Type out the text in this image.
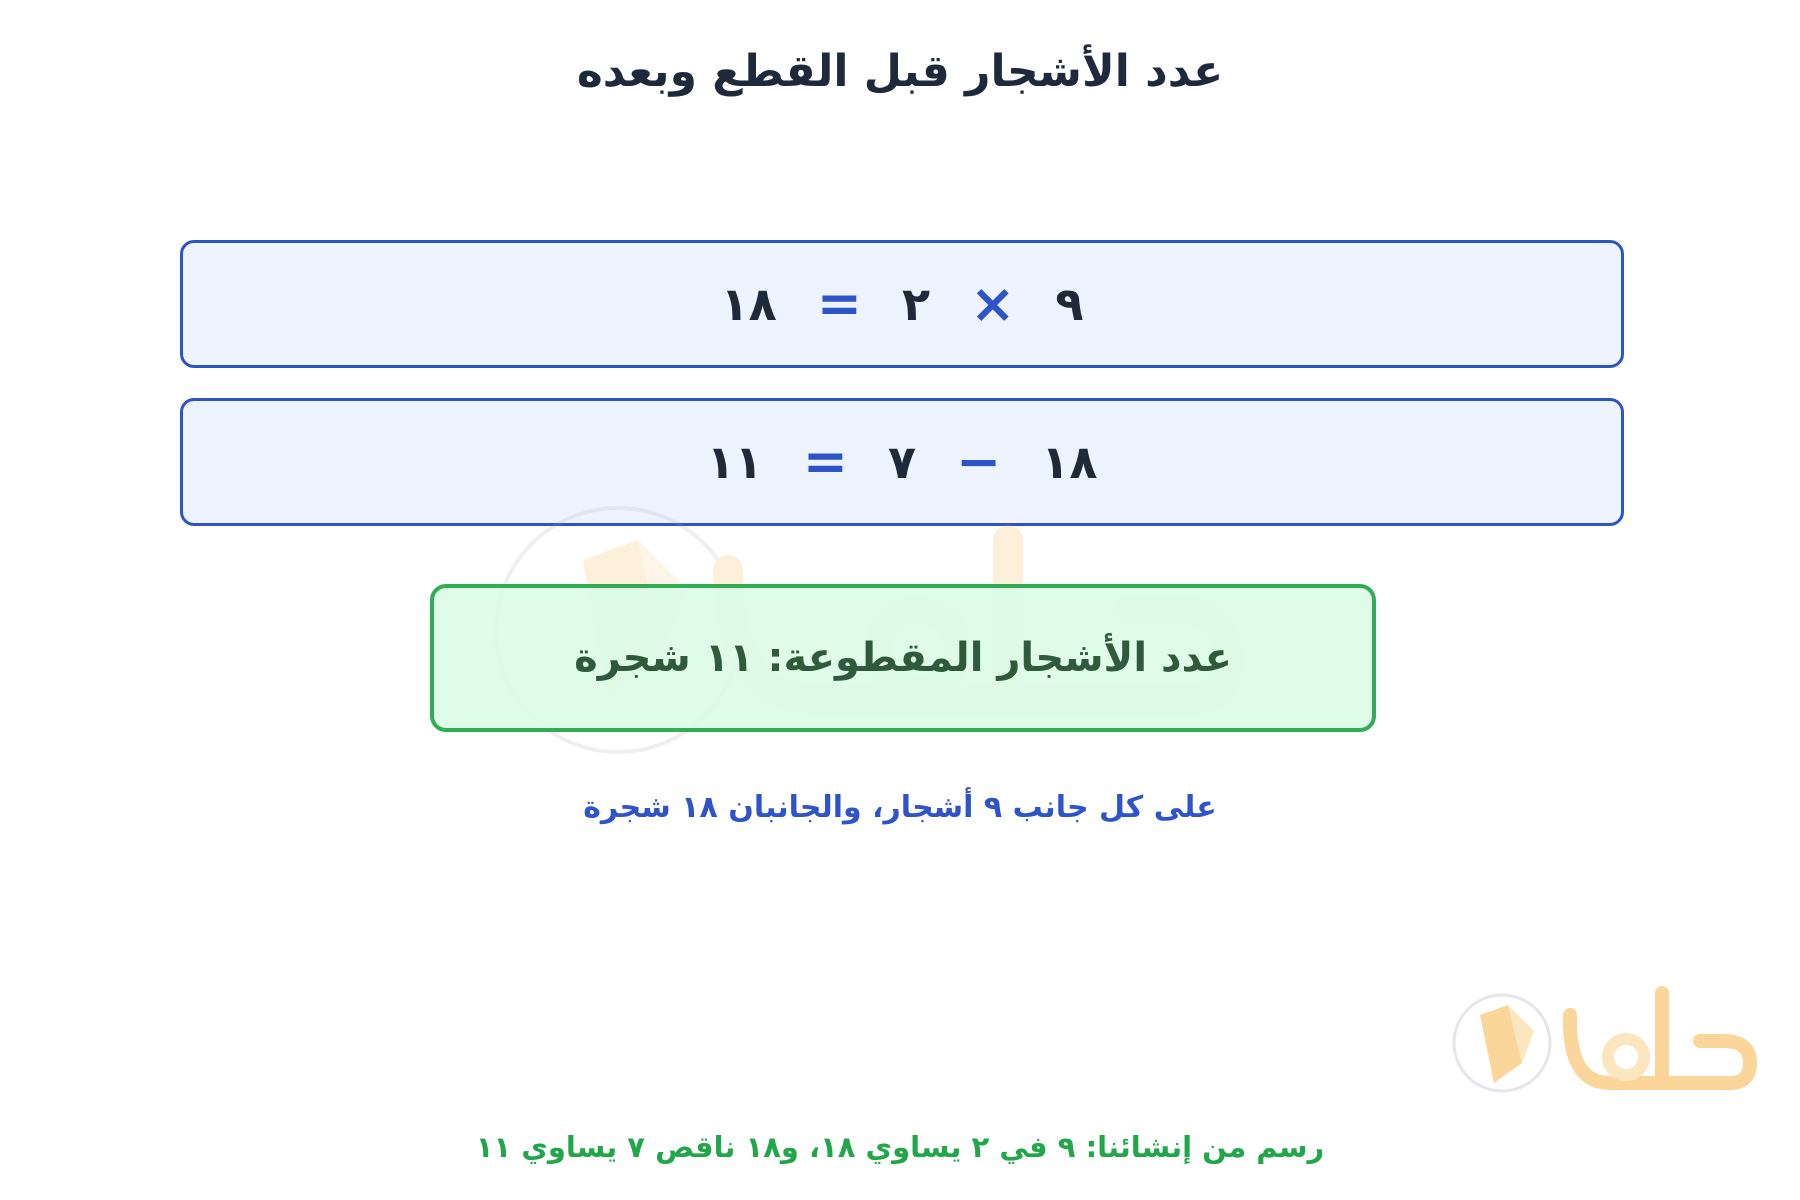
عدد الأشجار قبل القطع وبعده
٩
×
٢
=
١٨
١٨
−
٧
=
١١
عدد الأشجار المقطوعة: ١١ شجرة
على كل جانب ٩ أشجار، والجانبان ١٨ شجرة
رسم من إنشائنا: ٩ في ٢ يساوي ١٨، و١٨ ناقص ٧ يساوي ١١
